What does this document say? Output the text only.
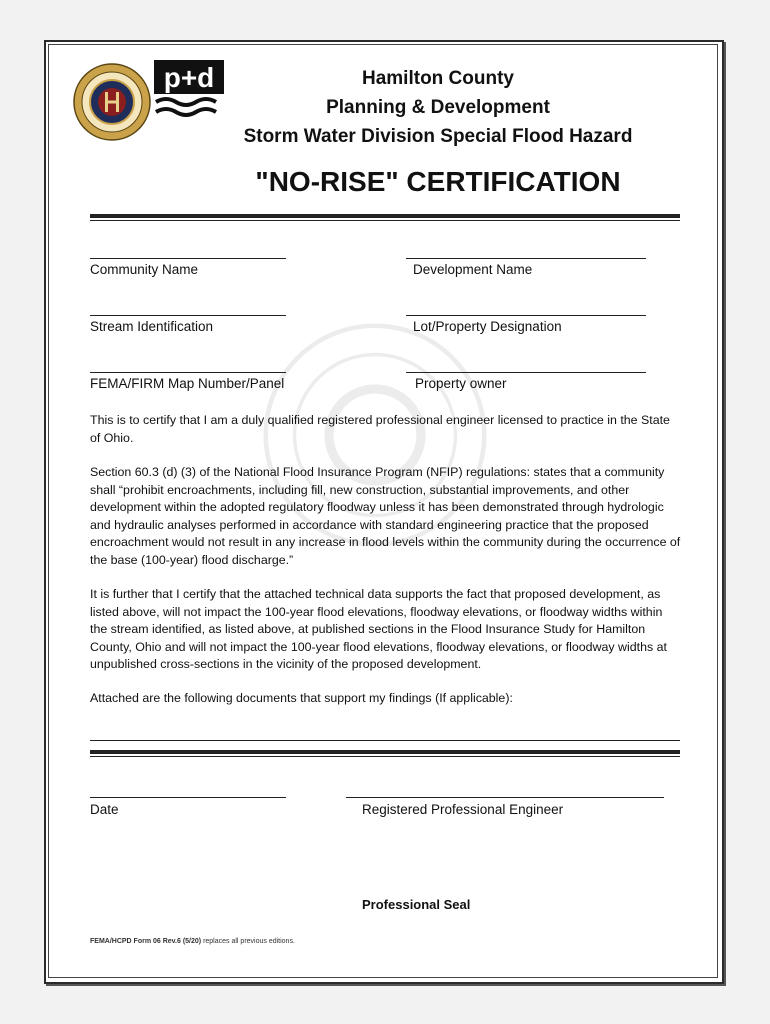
p+d	Hamilton County
Planning & Development
Storm Water Division Special Flood Hazard
"NO-RISE" CERTIFICATION
Community Name	Development Name
Stream Identification	Lot/Property Designation
FEMA/FIRM Map Number/Panel	Property owner
This is to certify that I am a duly qualified registered professional engineer licensed to practice in the State of Ohio.
Section 60.3 (d) (3) of the National Flood Insurance Program (NFIP) regulations: states that a community shall “prohibit encroachments, including fill, new construction, substantial improvements, and other development within the adopted regulatory floodway unless it has been demonstrated through hydrologic and hydraulic analyses performed in accordance with standard engineering practice that the proposed encroachment would not result in any increase in flood levels within the community during the occurrence of the base (100-year) flood discharge.”
It is further that I certify that the attached technical data supports the fact that proposed development, as listed above, will not impact the 100-year flood elevations, floodway elevations, or floodway widths within the stream identified, as listed above, at published sections in the Flood Insurance Study for Hamilton County, Ohio and will not impact the 100-year flood elevations, floodway elevations, or floodway widths at unpublished cross-sections in the vicinity of the proposed development.
Attached are the following documents that support my findings (If applicable):
Date	Registered Professional Engineer
Professional Seal
FEMA/HCPD Form 06 Rev.6 (5/20) replaces all previous editions.
